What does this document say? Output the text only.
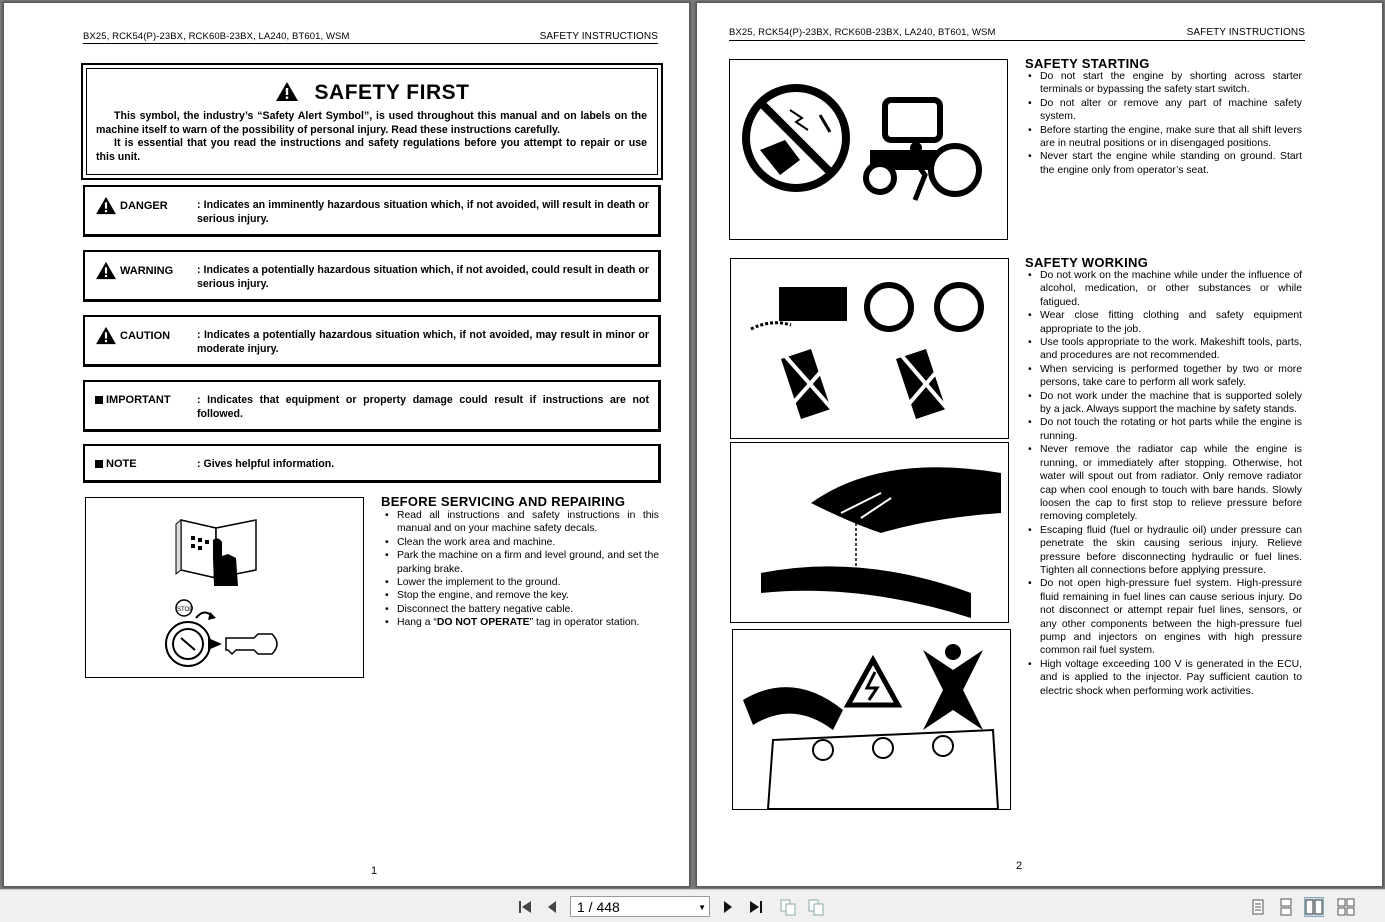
BX25, RCK54(P)-23BX, RCK60B-23BX, LA240, BT601, WSM	SAFETY INSTRUCTIONS
SAFETY FIRST
This symbol, the industry’s “Safety Alert Symbol”, is used throughout this manual and on labels on the machine itself to warn of the possibility of personal injury. Read these instructions carefully.
It is essential that you read the instructions and safety regulations before you attempt to repair or use this unit.
DANGER	: Indicates an imminently hazardous situation which, if not avoided, will result in death or serious injury.
WARNING : Indicates a potentially hazardous situation which, if not avoided, could result in death or serious injury.
CAUTION	: Indicates a potentially hazardous situation which, if not avoided, may result in minor or moderate injury.
IMPORTANT : Indicates that equipment or property damage could result if instructions are not followed.
NOTE	: Gives helpful information.
STOP
BEFORE SERVICING AND REPAIRING
• Read all instructions and safety instructions in this manual and on your machine safety decals.
• Clean the work area and machine.
• Park the machine on a firm and level ground, and set the parking brake.
• Lower the implement to the ground.
• Stop the engine, and remove the key.
• Disconnect the battery negative cable.
• Hang a “DO NOT OPERATE” tag in operator station.
1
BX25, RCK54(P)-23BX, RCK60B-23BX, LA240, BT601, WSM	SAFETY INSTRUCTIONS
SAFETY STARTING
• Do not start the engine by shorting across starter terminals or bypassing the safety start switch.
• Do not alter or remove any part of machine safety system.
• Before starting the engine, make sure that all shift levers are in neutral positions or in disengaged positions.
• Never start the engine while standing on ground. Start the engine only from operator’s seat.
SAFETY WORKING
• Do not work on the machine while under the influence of alcohol, medication, or other substances or while fatigued.
• Wear close fitting clothing and safety equipment appropriate to the job.
• Use tools appropriate to the work. Makeshift tools, parts, and procedures are not recommended.
• When servicing is performed together by two or more persons, take care to perform all work safely.
• Do not work under the machine that is supported solely by a jack. Always support the machine by safety stands.
• Do not touch the rotating or hot parts while the engine is running.
• Never remove the radiator cap while the engine is running, or immediately after stopping. Otherwise, hot water will spout out from radiator. Only remove radiator cap when cool enough to touch with bare hands. Slowly loosen the cap to first stop to relieve pressure before removing completely.
• Escaping fluid (fuel or hydraulic oil) under pressure can penetrate the skin causing serious injury. Relieve pressure before disconnecting hydraulic or fuel lines. Tighten all connections before applying pressure.
• Do not open high-pressure fuel system. High-pressure fluid remaining in fuel lines can cause serious injury. Do not disconnect or attempt repair fuel lines, sensors, or any other components between the high-pressure fuel pump and injectors on engines with high pressure common rail fuel system.
• High voltage exceeding 100 V is generated in the ECU, and is applied to the injector. Pay sufficient caution to electric shock when performing work activities.
2
1 / 448	▼
